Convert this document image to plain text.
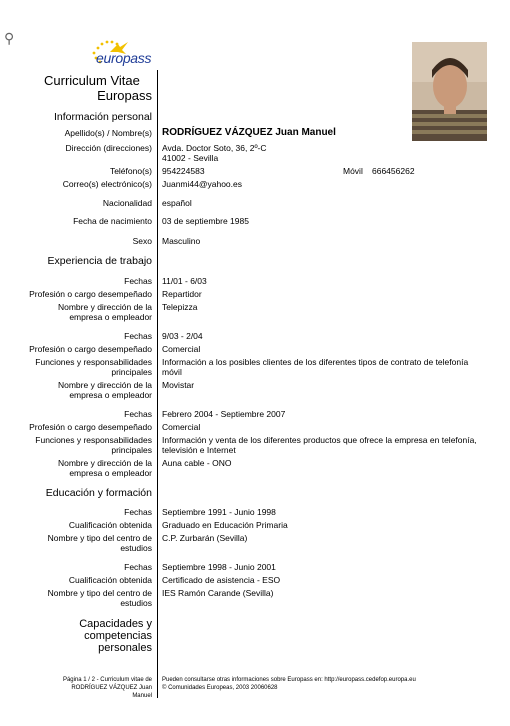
⚲
europass
Curriculum Vitae
Europass
Información personal
Apellido(s) / Nombre(s) RODRÍGUEZ VÁZQUEZ Juan Manuel
Dirección (direcciones) Avda. Doctor Soto, 36, 2º-C
41002 - Sevilla
Teléfono(s) 954224583	Móvil 666456262
Correo(s) electrónico(s) Juanmi44@yahoo.es
Nacionalidad español
Fecha de nacimiento 03 de septiembre 1985
Sexo Masculino
Experiencia de trabajo
Fechas 11/01 - 6/03
Profesión o cargo desempeñado Repartidor
Nombre y dirección de la Telepizza
empresa o empleador
Fechas 9/03 - 2/04
Profesión o cargo desempeñado Comercial
Funciones y responsabilidades Información a los posibles clientes de los diferentes tipos de contrato de telefonía
principales móvil
Nombre y dirección de la Movistar
empresa o empleador
Fechas Febrero 2004 - Septiembre 2007
Profesión o cargo desempeñado Comercial
Funciones y responsabilidades Información y venta de los diferentes productos que ofrece la empresa en telefonía,
principales televisión e Internet
Nombre y dirección de la Auna cable - ONO
empresa o empleador
Educación y formación
Fechas Septiembre 1991 - Junio 1998
Cualificación obtenida Graduado en Educación Primaria
Nombre y tipo del centro de C.P. Zurbarán (Sevilla)
estudios
Fechas Septiembre 1998 - Junio 2001
Cualificación obtenida Certificado de asistencia - ESO
Nombre y tipo del centro de IES Ramón Carande (Sevilla)
estudios
Capacidades y
competencias
personales
Página 1 / 2 - Curriculum vitae de
RODRÍGUEZ VÁZQUEZ Juan
Manuel
Pueden consultarse otras informaciones sobre Europass en: http://europass.cedefop.europa.eu
© Comunidades Europeas, 2003 20060628
